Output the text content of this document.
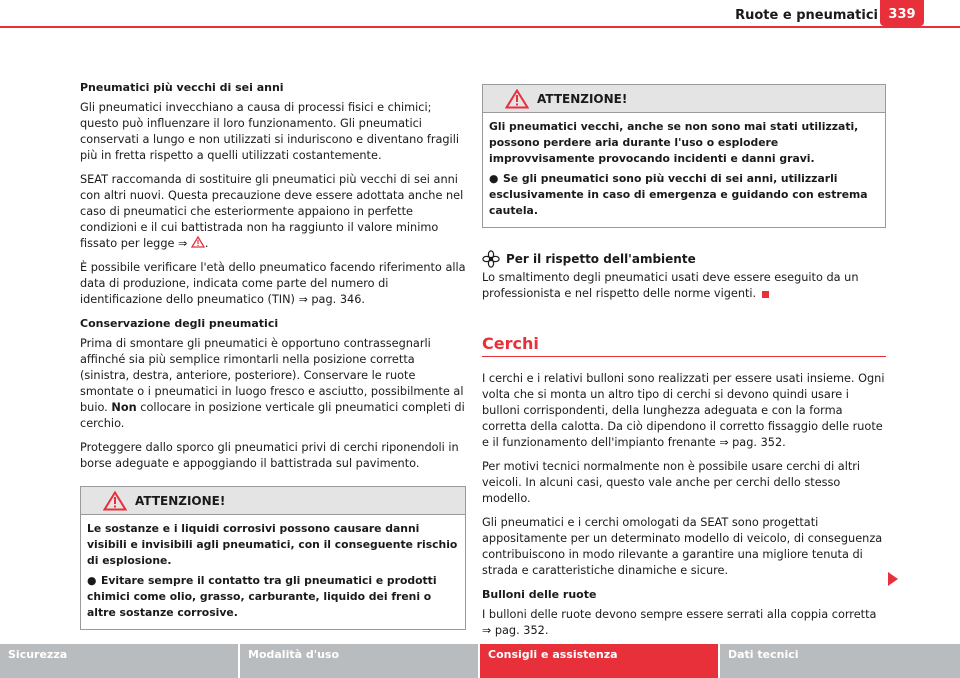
Ruote e pneumatici 339
Pneumatici più vecchi di sei anni

Gli pneumatici invecchiano a causa di processi fisici e chimici; questo può influenzare il loro funzionamento. Gli pneumatici conservati a lungo e non utilizzati si induriscono e diventano fragili più in fretta rispetto a quelli utilizzati costantemente.

SEAT raccomanda di sostituire gli pneumatici più vecchi di sei anni con altri nuovi. Questa precauzione deve essere adottata anche nel caso di pneumatici che esteriormente appaiono in perfette condizioni e il cui battistrada non ha raggiunto il valore minimo fissato per legge ⇒ .

È possibile verificare l'età dello pneumatico facendo riferimento alla data di produzione, indicata come parte del numero di identificazione dello pneumatico (TIN) ⇒ pag. 346.

Conservazione degli pneumatici

Prima di smontare gli pneumatici è opportuno contrassegnarli affinché sia più semplice rimontarli nella posizione corretta (sinistra, destra, anteriore, posteriore). Conservare le ruote smontate o i pneumatici in luogo fresco e asciutto, possibilmente al buio. Non collocare in posizione verticale gli pneumatici completi di cerchio.

Proteggere dallo sporco gli pneumatici privi di cerchi riponendoli in borse adeguate e appoggiando il battistrada sul pavimento.

ATTENZIONE!

Le sostanze e i liquidi corrosivi possono causare danni visibili e invisibili agli pneumatici, con il conseguente rischio di esplosione.

● Evitare sempre il contatto tra gli pneumatici e prodotti chimici come olio, grasso, carburante, liquido dei freni o altre sostanze corrosive.

ATTENZIONE!

Gli pneumatici vecchi, anche se non sono mai stati utilizzati, possono perdere aria durante l'uso o esplodere improvvisamente provocando incidenti e danni gravi.

● Se gli pneumatici sono più vecchi di sei anni, utilizzarli esclusivamente in caso di emergenza e guidando con estrema cautela.

Per il rispetto dell'ambiente

Lo smaltimento degli pneumatici usati deve essere eseguito da un professionista e nel rispetto delle norme vigenti.

Cerchi

I cerchi e i relativi bulloni sono realizzati per essere usati insieme. Ogni volta che si monta un altro tipo di cerchi si devono quindi usare i bulloni corrispondenti, della lunghezza adeguata e con la forma corretta della calotta. Da ciò dipendono il corretto fissaggio delle ruote e il funzionamento dell'impianto frenante ⇒ pag. 352.

Per motivi tecnici normalmente non è possibile usare cerchi di altri veicoli. In alcuni casi, questo vale anche per cerchi dello stesso modello.

Gli pneumatici e i cerchi omologati da SEAT sono progettati appositamente per un determinato modello di veicolo, di conseguenza contribuiscono in modo rilevante a garantire una migliore tenuta di strada e caratteristiche dinamiche e sicure.

Bulloni delle ruote

I bulloni delle ruote devono sempre essere serrati alla coppia corretta
⇒ pag. 352.

Sicurezza	Modalità d'uso	Consigli e assistenza	Dati tecnici
